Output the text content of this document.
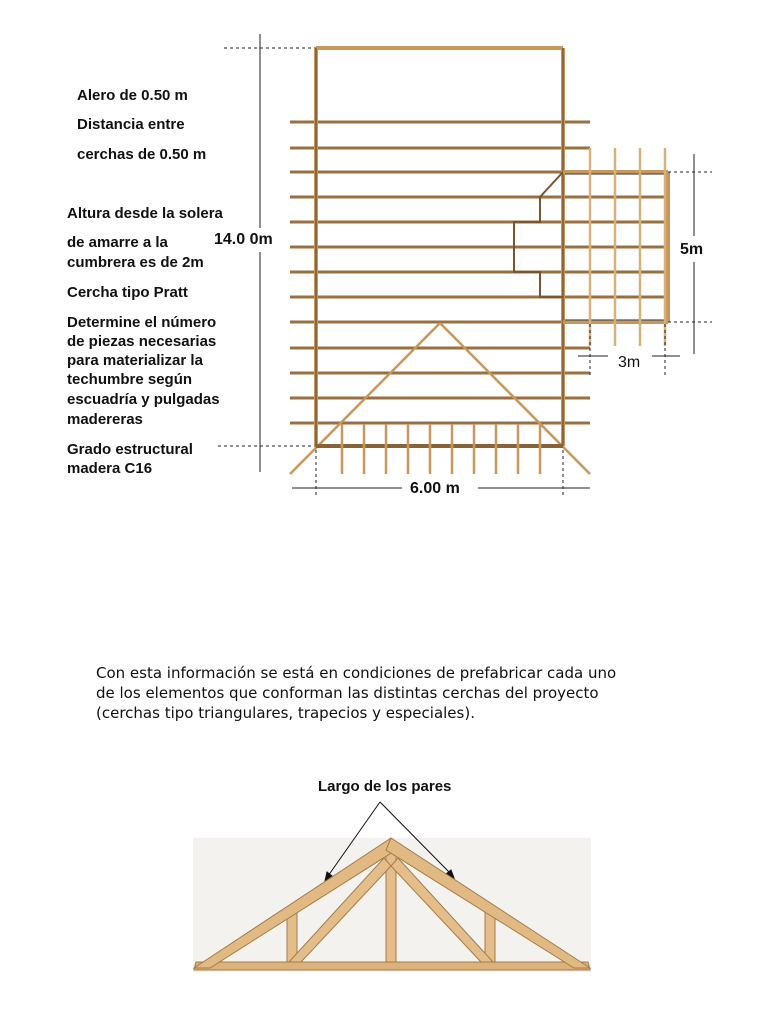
Alero de 0.50 m
Distancia entre
cerchas de 0.50 m
Altura desde la solera
de amarre a la
cumbrera es de 2m
Cercha tipo Pratt
Determine el número
de piezas necesarias
para materializar la
techumbre según
escuadría y pulgadas
madereras
Grado estructural
madera C16
14.0 0m
5m
3m
6.00 m
Con esta información se está en condiciones de prefabricar cada uno
de los elementos que conforman las distintas cerchas del proyecto
(cerchas tipo triangulares, trapecios y especiales).
Largo de los pares
